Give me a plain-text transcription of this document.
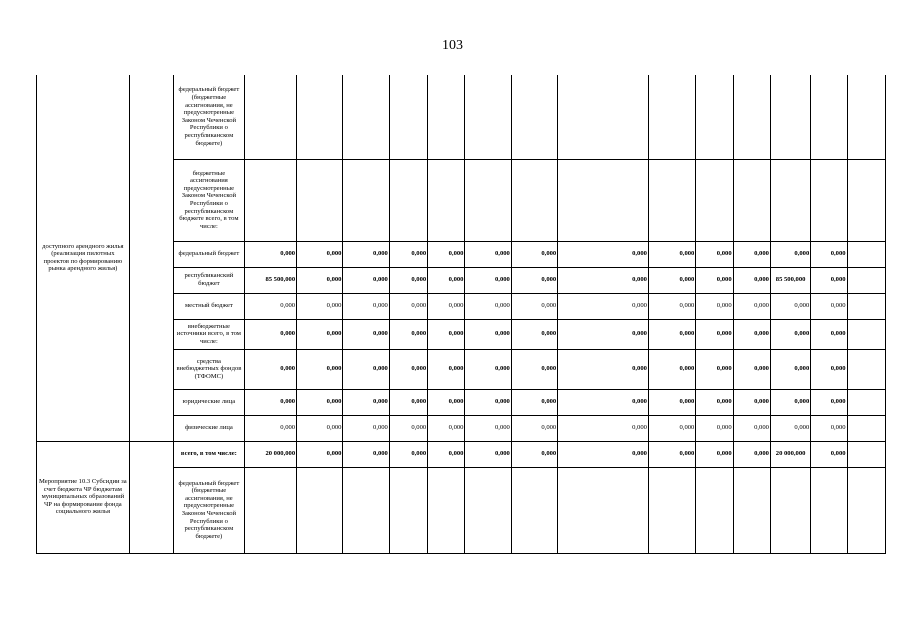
103
доступного арендного жилья (реализация пилотных проектов по формированию рынка арендного жилья)		федеральный бюджет (бюджетные ассигнования, не предусмотренные Законом Чеченской Республики о республиканском бюджете)														
		бюджетные ассигнования предусмотренные Законом Чеченской Республики о республиканском бюджете всего, в том числе:														
		федеральный бюджет	0,000	0,000	0,000	0,000	0,000	0,000	0,000	0,000	0,000	0,000	0,000	0,000	0,000	
		республиканский бюджет	85 500,000	0,000	0,000	0,000	0,000	0,000	0,000	0,000	0,000	0,000	0,000	85 500,000	0,000	
		местный бюджет	0,000	0,000	0,000	0,000	0,000	0,000	0,000	0,000	0,000	0,000	0,000	0,000	0,000	
		внебюджетные источники всего, в том числе:	0,000	0,000	0,000	0,000	0,000	0,000	0,000	0,000	0,000	0,000	0,000	0,000	0,000	
		средства внебюджетных фондов (ТФОМС)	0,000	0,000	0,000	0,000	0,000	0,000	0,000	0,000	0,000	0,000	0,000	0,000	0,000	
		юридические лица	0,000	0,000	0,000	0,000	0,000	0,000	0,000	0,000	0,000	0,000	0,000	0,000	0,000	
		физические лица	0,000	0,000	0,000	0,000	0,000	0,000	0,000	0,000	0,000	0,000	0,000	0,000	0,000	
Мероприятие 10.3 Субсидии за счет бюджета ЧР бюджетам муниципальных образований ЧР на формирование фонда социального жилья		всего, в том числе:	20 000,000	0,000	0,000	0,000	0,000	0,000	0,000	0,000	0,000	0,000	0,000	20 000,000	0,000	
		федеральный бюджет (бюджетные ассигнования, не предусмотренные Законом Чеченской Республики о республиканском бюджете)														
